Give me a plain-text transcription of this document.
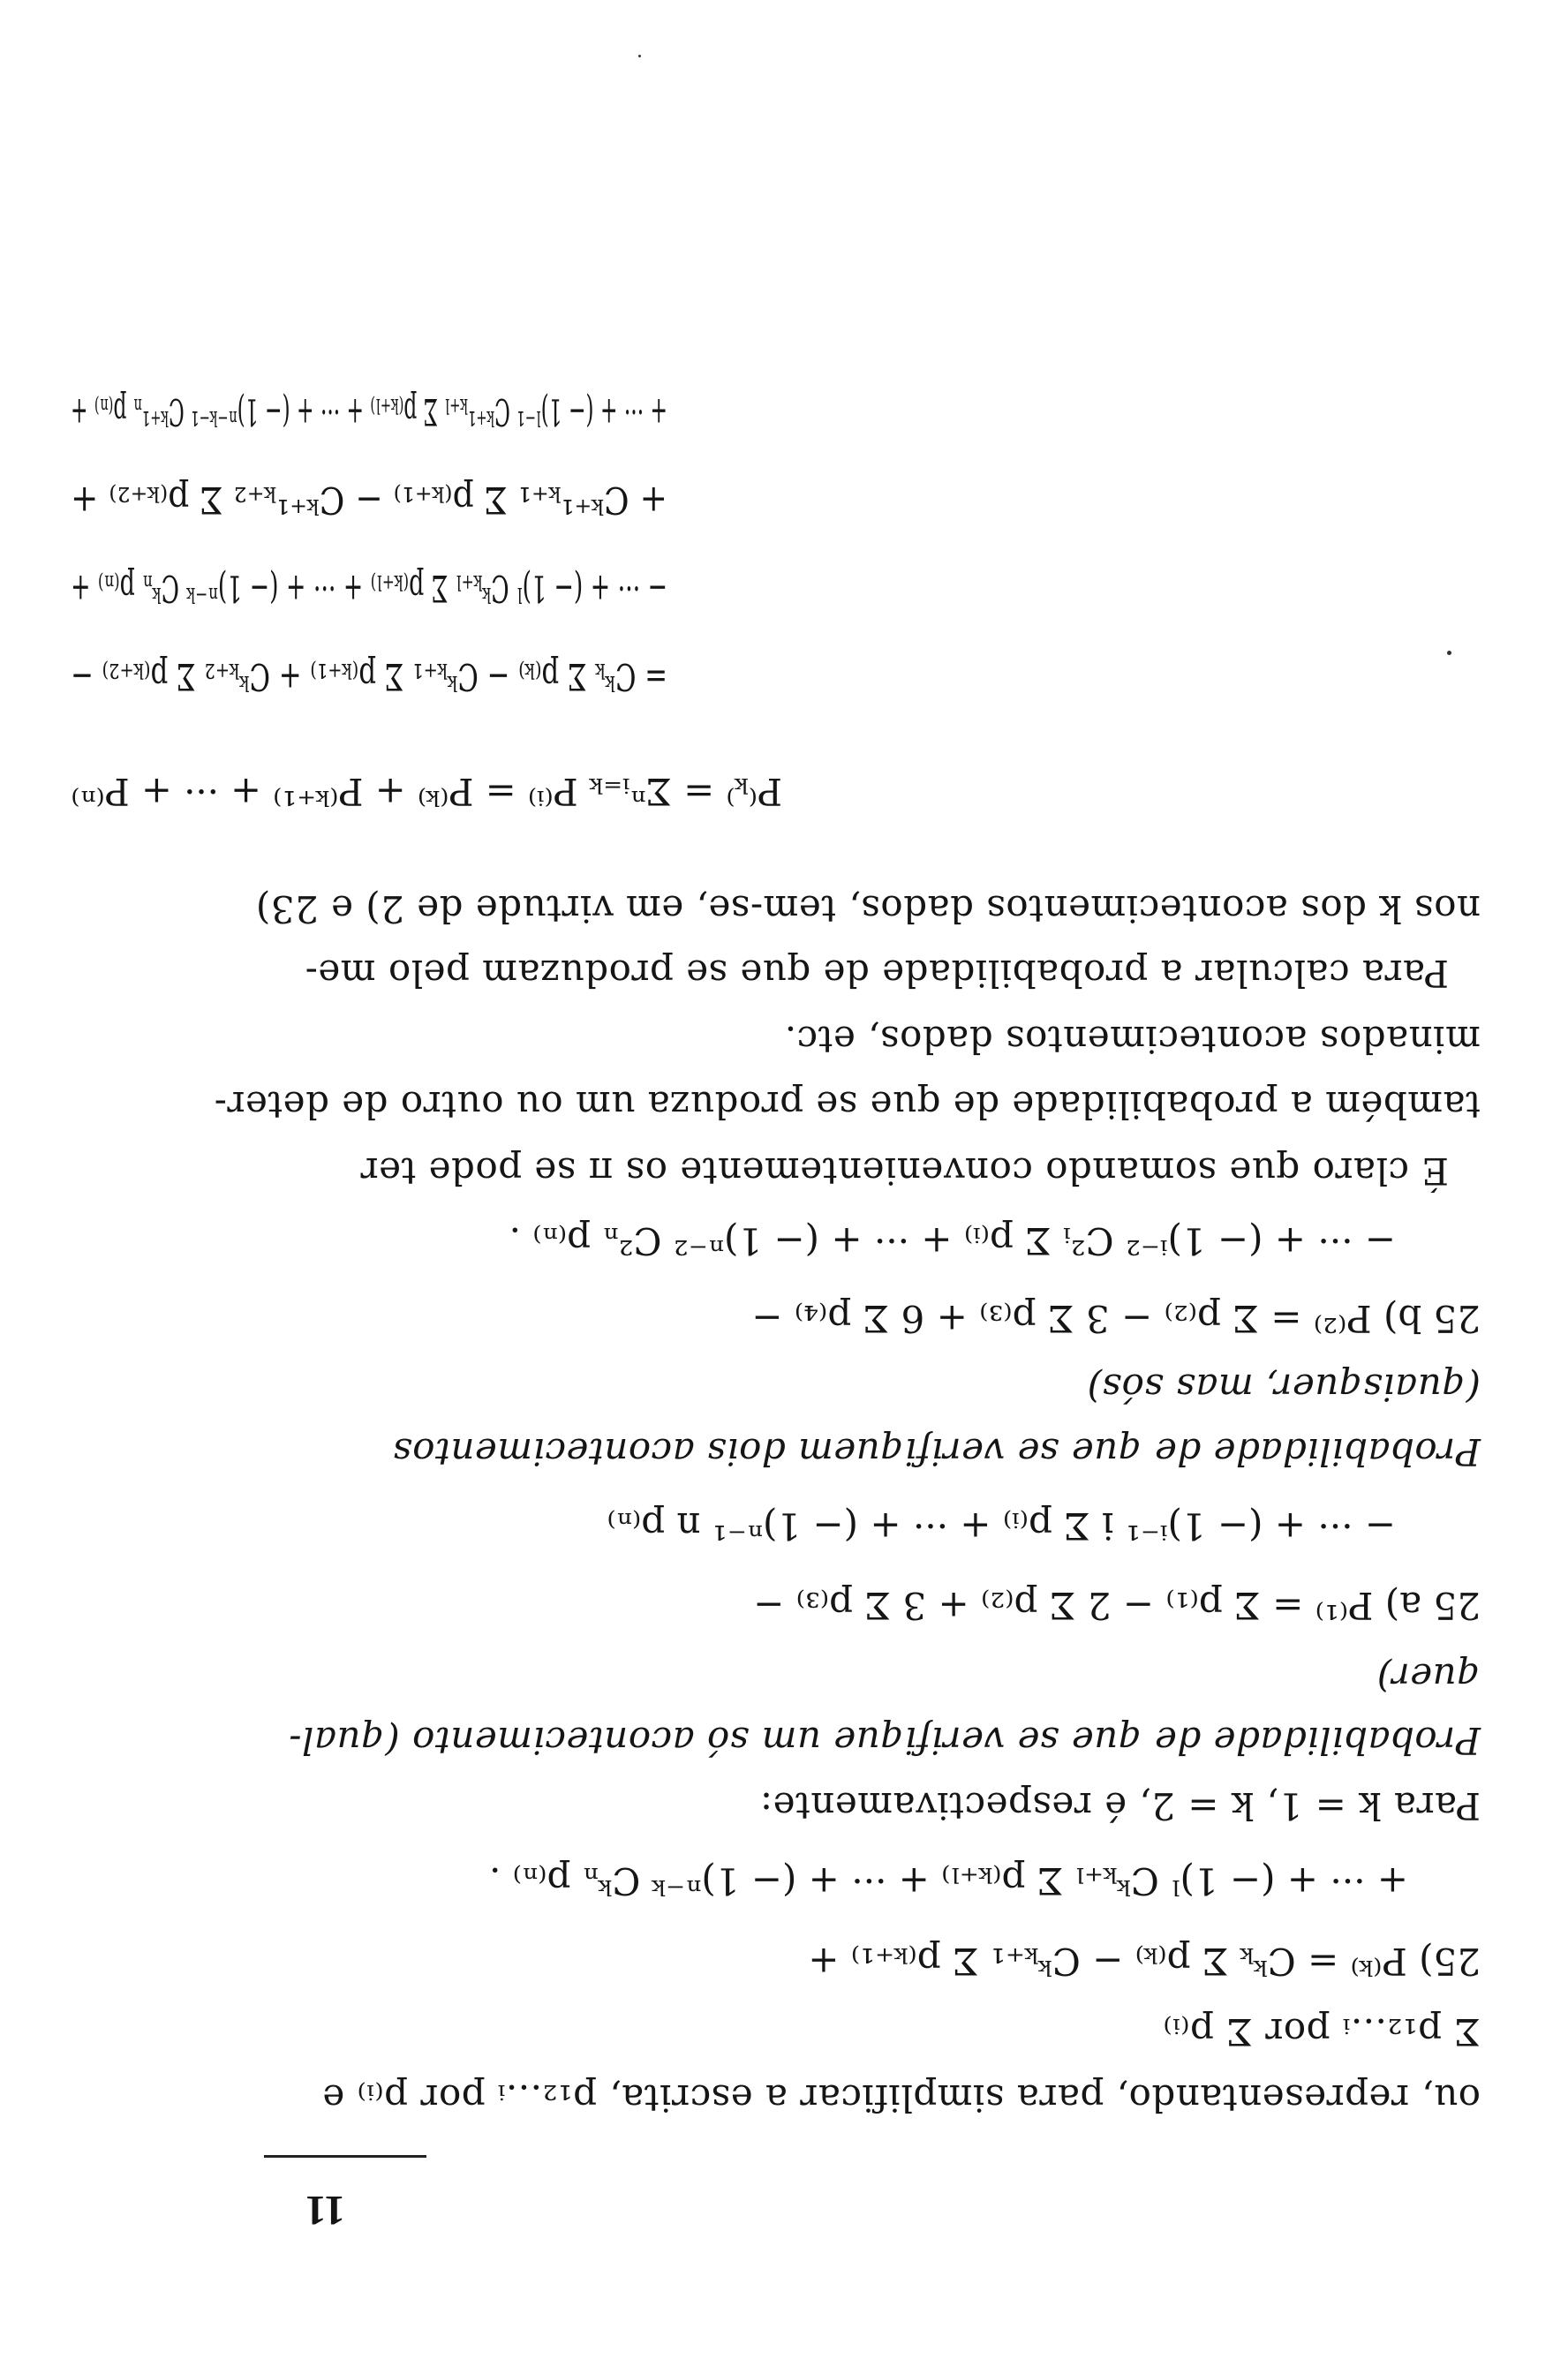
11
ou, representando, para simplificar a escrita, p₁₂...ᵢ por p₍ᵢ₎ e
Σ p₁₂...ᵢ por Σ p₍ᵢ₎
25) P⁽ᵏ⁾ = Cᵏₖ Σ p₍ₖ₎ − Cᵏₖ₊₁ Σ p₍ₖ₊₁₎ +
+ ··· + (− 1)ˡ Cᵏₖ₊ₗ Σ p₍ₖ₊ₗ₎ + ··· + (− 1)ⁿ⁻ᵏ Cᵏₙ p₍ₙ₎ .
Para k = 1, k = 2, é respectivamente:
Probabilidade de que se verifique um só acontecimento (qual-
quer)
25 a) P⁽¹⁾ = Σ p₍₁₎ − 2 Σ p₍₂₎ + 3 Σ p₍₃₎ −
− ··· + (− 1)ⁱ⁻¹ i Σ p₍ᵢ₎ + ··· + (− 1)ⁿ⁻¹ n p₍ₙ₎
Probabilidade de que se verifiquem dois acontecimentos
(quaisquer, mas sós)
25 b) P⁽²⁾ = Σ p₍₂₎ − 3 Σ p₍₃₎ + 6 Σ p₍₄₎ −
− ··· + (− 1)ⁱ⁻² C²ᵢ Σ p₍ᵢ₎ + ··· + (− 1)ⁿ⁻² C²ₙ p₍ₙ₎ .
É claro que somando convenientemente os π se pode ter
também a probabilidade de que se produza um ou outro de deter-
minados acontecimentos dados, etc.
Para calcular a probabilidade de que se produzam pelo me-
nos k dos acontecimentos dados, tem-se, em virtude de 2) e 23)
P⁽ₖ⁾ = Σⁿᵢ₌ₖ P⁽ⁱ⁾ = P⁽ᵏ⁾ + P⁽ᵏ⁺¹⁾ + ··· + P⁽ⁿ⁾
= Cᵏₖ Σ p₍ₖ₎ − Cᵏₖ₊₁ Σ p₍ₖ₊₁₎ + Cᵏₖ₊₂ Σ p₍ₖ₊₂₎ −
− ··· + (− 1)ˡ Cᵏₖ₊ₗ Σ p₍ₖ₊ₗ₎ + ··· + (− 1)ⁿ⁻ᵏ Cᵏₙ p₍ₙ₎ +
+ Cᵏ⁺¹ₖ₊₁ Σ p₍ₖ₊₁₎ − Cᵏ⁺¹ₖ₊₂ Σ p₍ₖ₊₂₎ +
+ ··· + (− 1)ˡ⁻¹ Cᵏ⁺¹ₖ₊ₗ Σ p₍ₖ₊ₗ₎ + ··· + (− 1)ⁿ⁻ᵏ⁻¹ Cᵏ⁺¹ₙ p₍ₙ₎ +
